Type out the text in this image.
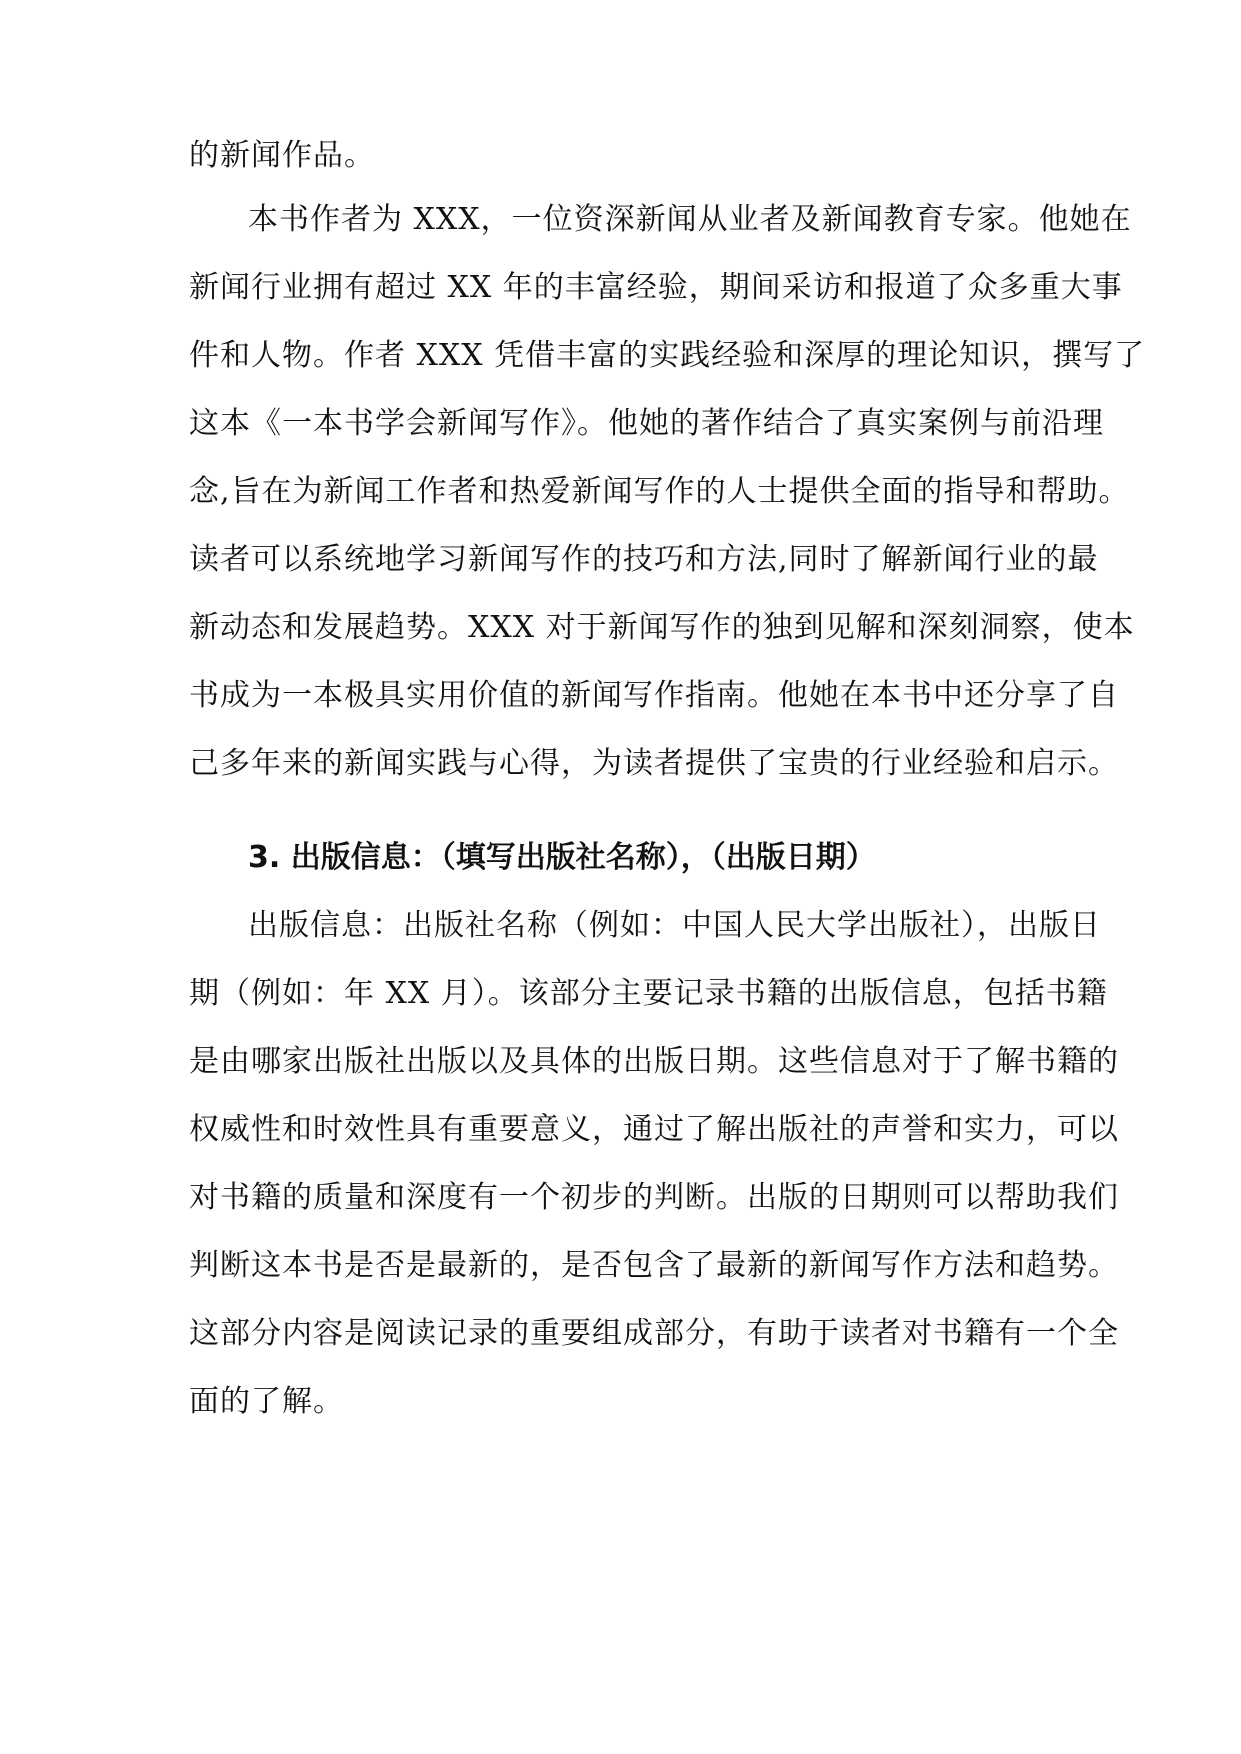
的新闻作品。
本书作者为 XXX，一位资深新闻从业者及新闻教育专家。他她在
新闻行业拥有超过 XX 年的丰富经验，期间采访和报道了众多重大事
件和人物。作者 XXX 凭借丰富的实践经验和深厚的理论知识，撰写了
这本《一本书学会新闻写作》。他她的著作结合了真实案例与前沿理
念,旨在为新闻工作者和热爱新闻写作的人士提供全面的指导和帮助。
读者可以系统地学习新闻写作的技巧和方法,同时了解新闻行业的最
新动态和发展趋势。XXX 对于新闻写作的独到见解和深刻洞察，使本
书成为一本极具实用价值的新闻写作指南。他她在本书中还分享了自
己多年来的新闻实践与心得，为读者提供了宝贵的行业经验和启示。
3. 出版信息：（填写出版社名称），（出版日期）
出版信息：出版社名称（例如：中国人民大学出版社），出版日
期（例如：年 XX 月）。该部分主要记录书籍的出版信息，包括书籍
是由哪家出版社出版以及具体的出版日期。这些信息对于了解书籍的
权威性和时效性具有重要意义，通过了解出版社的声誉和实力，可以
对书籍的质量和深度有一个初步的判断。出版的日期则可以帮助我们
判断这本书是否是最新的，是否包含了最新的新闻写作方法和趋势。
这部分内容是阅读记录的重要组成部分，有助于读者对书籍有一个全
面的了解。
